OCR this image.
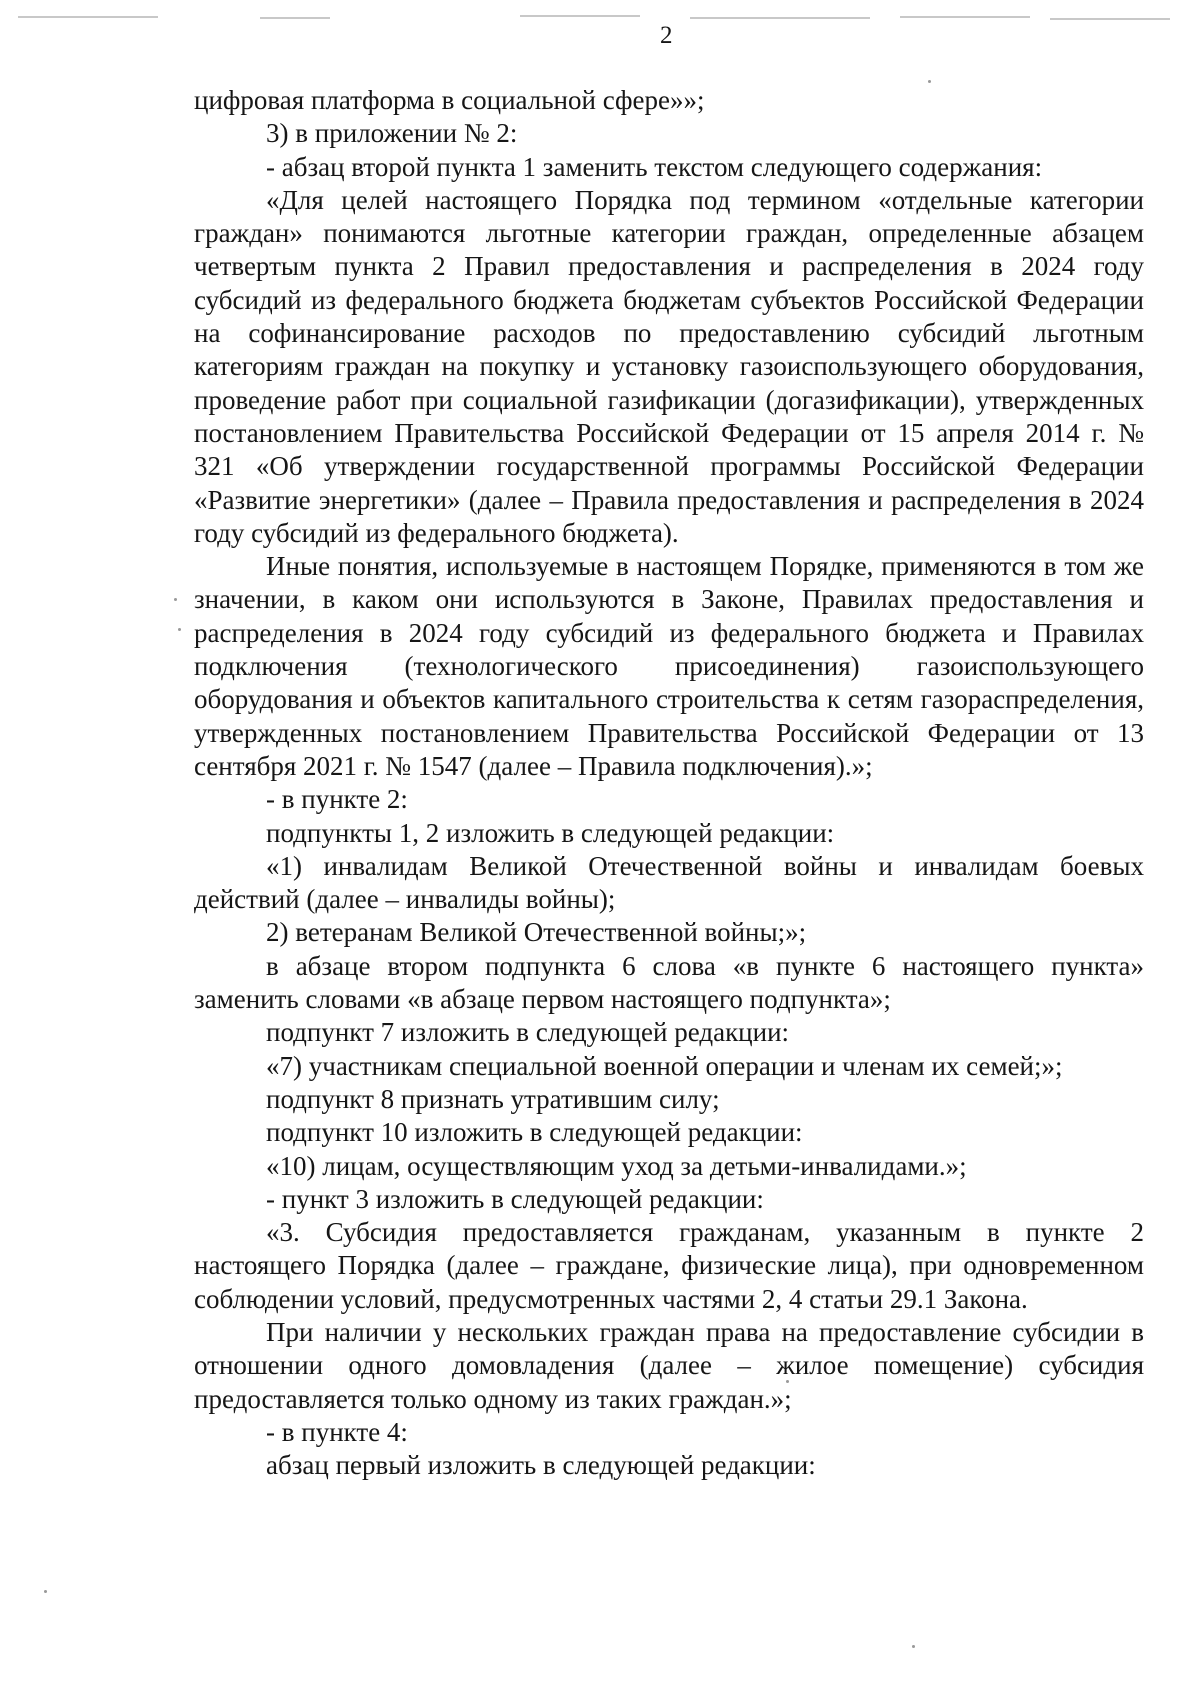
2

цифровая платформа в социальной сфере»»;

3) в приложении № 2:

- абзац второй пункта 1 заменить текстом следующего содержания:

«Для целей настоящего Порядка под термином «отдельные категории граждан» понимаются льготные категории граждан, определенные абзацем четвертым пункта 2 Правил предоставления и распределения в 2024 году субсидий из федерального бюджета бюджетам субъектов Российской Федерации на софинансирование расходов по предоставлению субсидий льготным категориям граждан на покупку и установку газоиспользующего оборудования, проведение работ при социальной газификации (догазификации), утвержденных постановлением Правительства Российской Федерации от 15 апреля 2014 г. № 321 «Об утверждении государственной программы Российской Федерации «Развитие энергетики» (далее – Правила предоставления и распределения в 2024 году субсидий из федерального бюджета).

Иные понятия, используемые в настоящем Порядке, применяются в том же значении, в каком они используются в Законе, Правилах предоставления и распределения в 2024 году субсидий из федерального бюджета и Правилах подключения (технологического присоединения) газоиспользующего оборудования и объектов капитального строительства к сетям газораспределения, утвержденных постановлением Правительства Российской Федерации от 13 сентября 2021 г. № 1547 (далее – Правила подключения).»;

- в пункте 2:

подпункты 1, 2 изложить в следующей редакции:

«1) инвалидам Великой Отечественной войны и инвалидам боевых действий (далее – инвалиды войны);

2) ветеранам Великой Отечественной войны;»;

в абзаце втором подпункта 6 слова «в пункте 6 настоящего пункта» заменить словами «в абзаце первом настоящего подпункта»;

подпункт 7 изложить в следующей редакции:

«7) участникам специальной военной операции и членам их семей;»;

подпункт 8 признать утратившим силу;

подпункт 10 изложить в следующей редакции:

«10) лицам, осуществляющим уход за детьми-инвалидами.»;

- пункт 3 изложить в следующей редакции:

«3. Субсидия предоставляется гражданам, указанным в пункте 2 настоящего Порядка (далее – граждане, физические лица), при одновременном соблюдении условий, предусмотренных частями 2, 4 статьи 29.1 Закона.

При наличии у нескольких граждан права на предоставление субсидии в отношении одного домовладения (далее – жилое помещение) субсидия предоставляется только одному из таких граждан.»;

- в пункте 4:

абзац первый изложить в следующей редакции:
